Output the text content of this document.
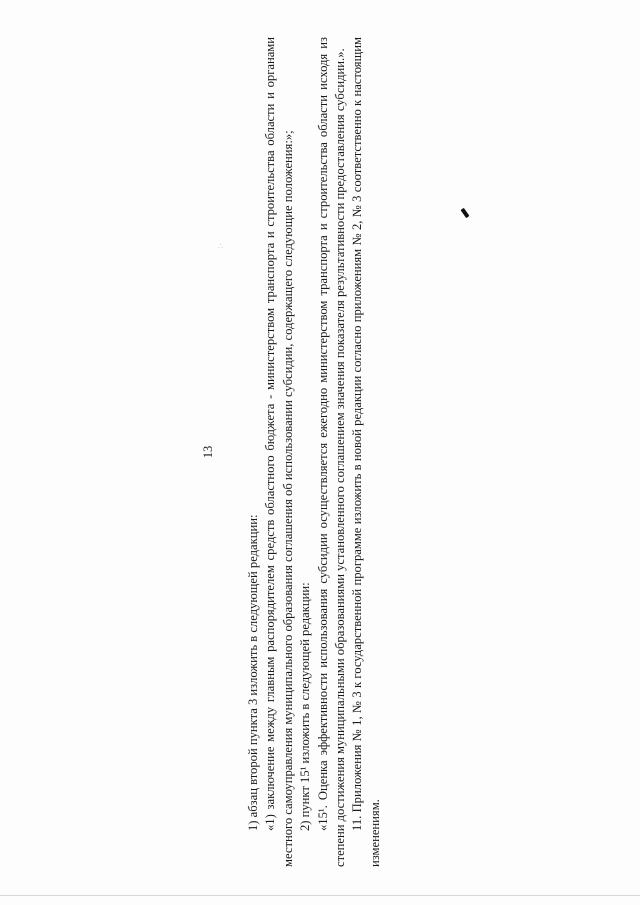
13

1) абзац второй пункта 3 изложить в следующей редакции: «1) заключение между главным распорядителем средств областного бюджета - министерством транспорта и строительства области и органами местного самоуправления муниципального образования соглашения об использовании субсидии, содержащего следующие положения:»; 2) пункт 15¹ изложить в следующей редакции: «15¹. Оценка эффективности использования субсидии осуществляется ежегодно министерством транспорта и строительства области исходя из степени достижения муниципальными образованиями установленного соглашением значения показателя результативности предоставления субсидии.». 11. Приложения № 1, № 3 к государственной программе изложить в новой редакции согласно приложениям № 2, № 3 соответственно к настоящим изменениям.

∴
